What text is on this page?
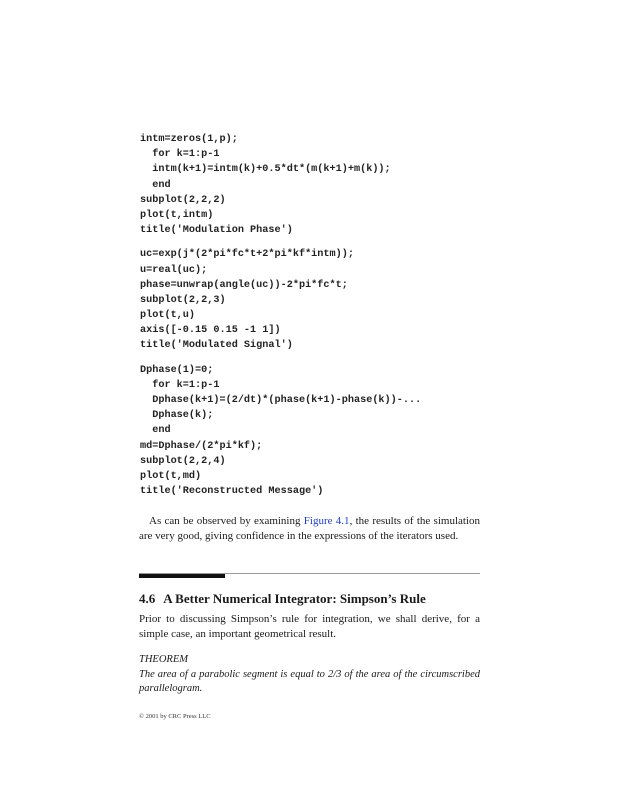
intm=zeros(1,p);
for k=1:p-1
intm(k+1)=intm(k)+0.5*dt*(m(k+1)+m(k));
end
subplot(2,2,2)
plot(t,intm)
title('Modulation Phase')
uc=exp(j*(2*pi*fc*t+2*pi*kf*intm));
u=real(uc);
phase=unwrap(angle(uc))-2*pi*fc*t;
subplot(2,2,3)
plot(t,u)
axis([-0.15 0.15 -1 1])
title('Modulated Signal')
Dphase(1)=0;
for k=1:p-1
Dphase(k+1)=(2/dt)*(phase(k+1)-phase(k))-...
Dphase(k);
end
md=Dphase/(2*pi*kf);
subplot(2,2,4)
plot(t,md)
title('Reconstructed Message')

As can be observed by examining Figure 4.1, the results of the simulation are very good, giving confidence in the expressions of the iterators used.

4.6 A Better Numerical Integrator: Simpson’s Rule

Prior to discussing Simpson’s rule for integration, we shall derive, for a simple case, an important geometrical result.

THEOREM

The area of a parabolic segment is equal to 2/3 of the area of the circumscribed parallelogram.

© 2001 by CRC Press LLC
